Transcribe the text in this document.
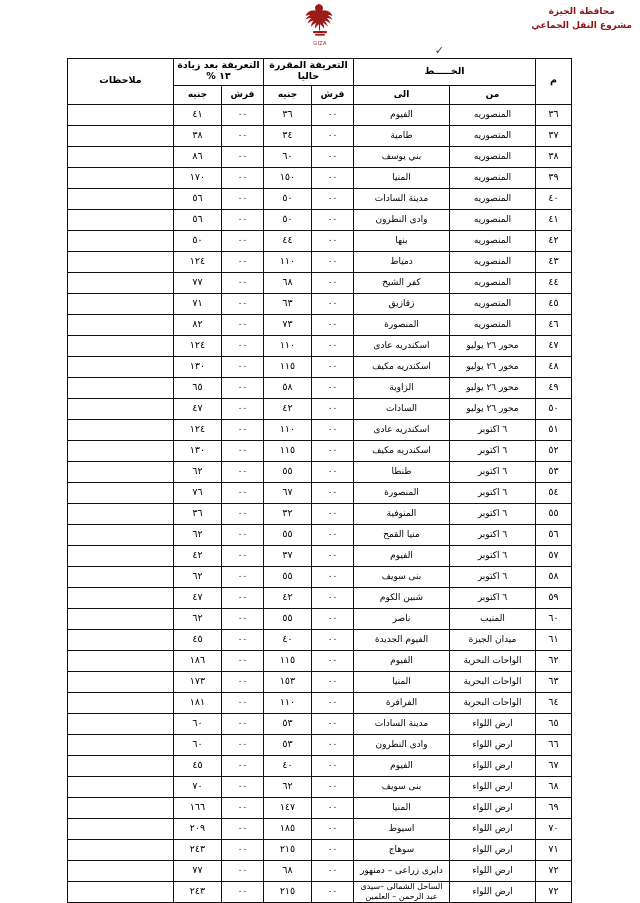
GIZA
محافظة الجيزة
مشروع النقل الجماعي
✓
م	الخـــــط		التعريفة المقررة حاليا		التعريفة بعد زيادة ١٣ %		ملاحظات
	من	الى	قرش	جنيه	قرش	جنيه	
٣٦	المنصوريه	الفيوم	٠٠	٣٦	٠٠	٤١	
٣٧	المنصوريه	طامية	٠٠	٣٤	٠٠	٣٨	
٣٨	المنصوريه	بني يوسف	٠٠	٦٠	٠٠	٨٦	
٣٩	المنصوريه	المنيا	٠٠	١٥٠	٠٠	١٧٠	
٤٠	المنصوريه	مدينة السادات	٠٠	٥٠	٠٠	٥٦	
٤١	المنصوريه	وادى النطرون	٠٠	٥٠	٠٠	٥٦	
٤٢	المنصوريه	بنها	٠٠	٤٤	٠٠	٥٠	
٤٣	المنصوريه	دمياط	٠٠	١١٠	٠٠	١٢٤	
٤٤	المنصوريه	كفر الشيخ	٠٠	٦٨	٠٠	٧٧	
٤٥	المنصوريه	زقازيق	٠٠	٦٣	٠٠	٧١	
٤٦	المنصوريه	المنصورة	٠٠	٧٣	٠٠	٨٢	
٤٧	محور ٢٦ يوليو	اسكندريه عادى	٠٠	١١٠	٠٠	١٢٤	
٤٨	محور ٢٦ يوليو	اسكندريه مكيف	٠٠	١١٥	٠٠	١٣٠	
٤٩	محور ٢٦ يوليو	الزاوية	٠٠	٥٨	٠٠	٦٥	
٥٠	محور ٢٦ يوليو	السادات	٠٠	٤٢	٠٠	٤٧	
٥١	٦ اكتوبر	اسكندريه عادى	٠٠	١١٠	٠٠	١٢٤	
٥٢	٦ اكتوبر	اسكندريه مكيف	٠٠	١١٥	٠٠	١٣٠	
٥٣	٦ اكتوبر	طنطا	٠٠	٥٥	٠٠	٦٢	
٥٤	٦ اكتوبر	المنصورة	٠٠	٦٧	٠٠	٧٦	
٥٥	٦ اكتوبر	المنوفية	٠٠	٣٢	٠٠	٣٦	
٥٦	٦ اكتوبر	منيا القمح	٠٠	٥٥	٠٠	٦٢	
٥٧	٦ اكتوبر	الفيوم	٠٠	٣٧	٠٠	٤٢	
٥٨	٦ اكتوبر	بنى سويف	٠٠	٥٥	٠٠	٦٢	
٥٩	٦ اكتوبر	شبين الكوم	٠٠	٤٢	٠٠	٤٧	
٦٠	المنيب	ناصر	٠٠	٥٥	٠٠	٦٢	
٦١	ميدان الجيزة	الفيوم الجديدة	٠٠	٤٠	٠٠	٤٥	
٦٢	الواحات البحرية	الفيوم	٠٠	١١٥	٠٠	١٨٦	
٦٣	الواحات البحرية	المنيا	٠٠	١٥٣	٠٠	١٧٣	
٦٤	الواحات البحرية	الفرافرة	٠٠	١١٠	٠٠	١٨١	
٦٥	ارض اللواء	مدينة السادات	٠٠	٥٣	٠٠	٦٠	
٦٦	ارض اللواء	وادى النطرون	٠٠	٥٣	٠٠	٦٠	
٦٧	ارض اللواء	الفيوم	٠٠	٤٠	٠٠	٤٥	
٦٨	ارض اللواء	بنى سويف	٠٠	٦٢	٠٠	٧٠	
٦٩	ارض اللواء	المنيا	٠٠	١٤٧	٠٠	١٦٦	
٧٠	ارض اللواء	اسيوط	٠٠	١٨٥	٠٠	٢٠٩	
٧١	ارض اللواء	سوهاج	٠٠	٢١٥	٠٠	٢٤٣	
٧٢	ارض اللواء	دايرى زراعى – دمنهور	٠٠	٦٨	٠٠	٧٧	
٧٢	ارض اللواء	الساحل الشمالى –سيدى عبد الرحمن – العلمين	٠٠	٢١٥	٠٠	٢٤٣	
